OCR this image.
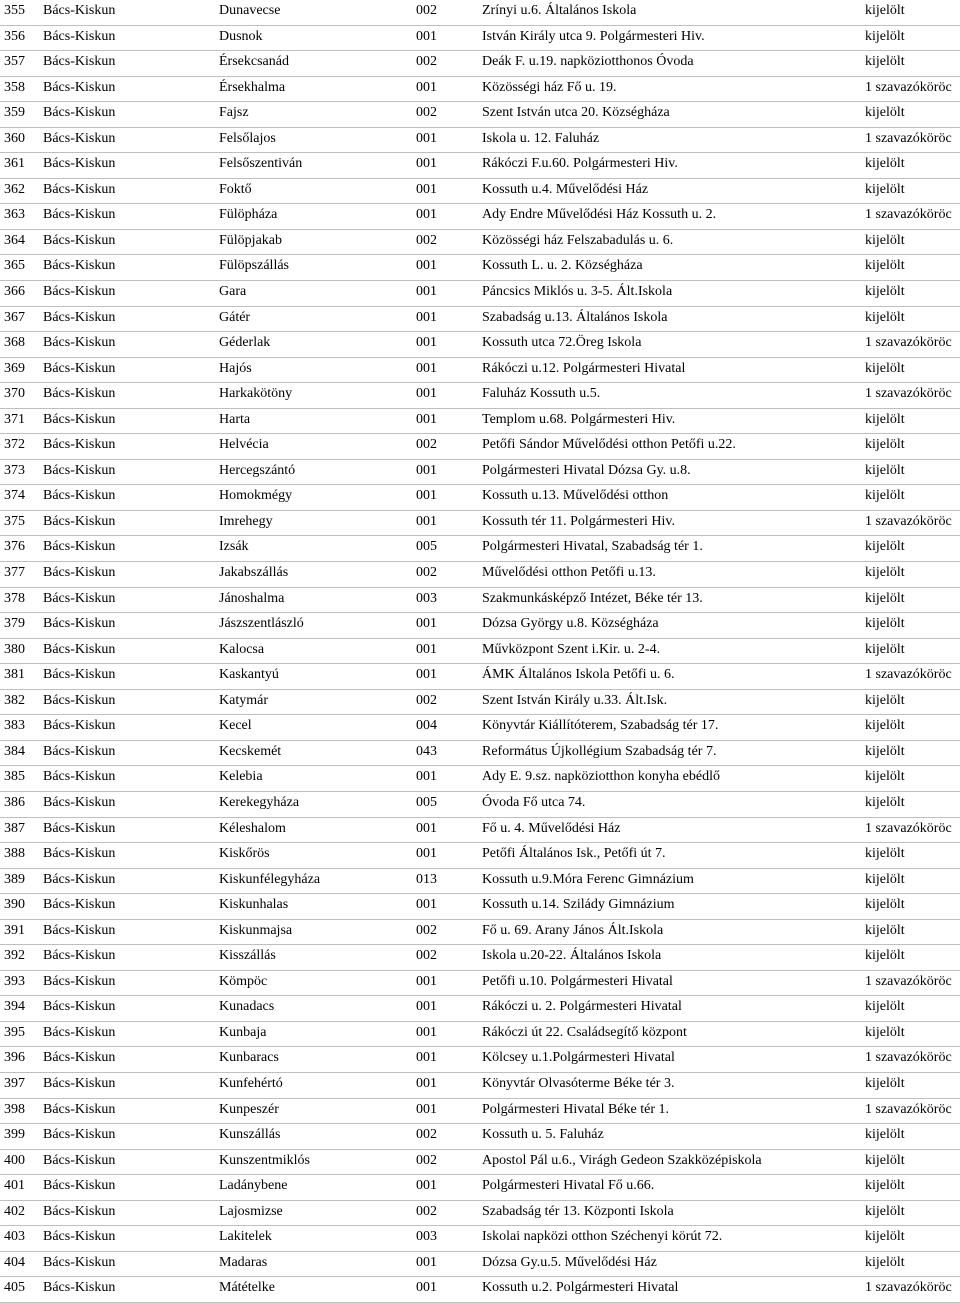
355 Bács-Kiskun	Dunavecse	002	Zrínyi u.6. Általános Iskola	kijelölt
356 Bács-Kiskun	Dusnok	001	István Király utca 9. Polgármesteri Hiv.	kijelölt
357 Bács-Kiskun	Érsekcsanád	002	Deák F. u.19. napköziotthonos Óvoda	kijelölt
358 Bács-Kiskun	Érsekhalma	001	Közösségi ház Fő u. 19.	1 szavazóköröс
359 Bács-Kiskun	Fajsz	002	Szent István utca 20. Községháza	kijelölt
360 Bács-Kiskun	Felsőlajos	001	Iskola u. 12. Faluház	1 szavazóköröс
361 Bács-Kiskun	Felsőszentiván	001	Rákóczi F.u.60. Polgármesteri Hiv.	kijelölt
362 Bács-Kiskun	Foktő	001	Kossuth u.4. Művelődési Ház	kijelölt
363 Bács-Kiskun	Fülöpháza	001	Ady Endre Művelődési Ház Kossuth u. 2.	1 szavazóköröс
364 Bács-Kiskun	Fülöpjakab	002	Közösségi ház Felszabadulás u. 6.	kijelölt
365 Bács-Kiskun	Fülöpszállás	001	Kossuth L. u. 2. Községháza	kijelölt
366 Bács-Kiskun	Gara	001	Páncsics Miklós u. 3-5. Ált.Iskola	kijelölt
367 Bács-Kiskun	Gátér	001	Szabadság u.13. Általános Iskola	kijelölt
368 Bács-Kiskun	Géderlak	001	Kossuth utca 72.Öreg Iskola	1 szavazóköröс
369 Bács-Kiskun	Hajós	001	Rákóczi u.12. Polgármesteri Hivatal	kijelölt
370 Bács-Kiskun	Harkakötöny	001	Faluház Kossuth u.5.	1 szavazóköröс
371 Bács-Kiskun	Harta	001	Templom u.68. Polgármesteri Hiv.	kijelölt
372 Bács-Kiskun	Helvécia	002	Petőfi Sándor Művelődési otthon Petőfi u.22.	kijelölt
373 Bács-Kiskun	Hercegszántó	001	Polgármesteri Hivatal Dózsa Gy. u.8.	kijelölt
374 Bács-Kiskun	Homokmégy	001	Kossuth u.13. Művelődési otthon	kijelölt
375 Bács-Kiskun	Imrehegy	001	Kossuth tér 11. Polgármesteri Hiv.	1 szavazóköröс
376 Bács-Kiskun	Izsák	005	Polgármesteri Hivatal, Szabadság tér 1.	kijelölt
377 Bács-Kiskun	Jakabszállás	002	Művelődési otthon Petőfi u.13.	kijelölt
378 Bács-Kiskun	Jánoshalma	003	Szakmunkásképző Intézet, Béke tér 13.	kijelölt
379 Bács-Kiskun	Jászszentlászló	001	Dózsa György u.8. Községháza	kijelölt
380 Bács-Kiskun	Kalocsa	001	Művközpont Szent i.Kir. u. 2-4.	kijelölt
381 Bács-Kiskun	Kaskantyú	001	ÁMK Általános Iskola Petőfi u. 6.	1 szavazóköröс
382 Bács-Kiskun	Katymár	002	Szent István Király u.33. Ált.Isk.	kijelölt
383 Bács-Kiskun	Kecel	004	Könyvtár Kiállítóterem, Szabadság tér 17.	kijelölt
384 Bács-Kiskun	Kecskemét	043	Református Újkollégium Szabadság tér 7.	kijelölt
385 Bács-Kiskun	Kelebia	001	Ady E. 9.sz. napköziotthon konyha ebédlő	kijelölt
386 Bács-Kiskun	Kerekegyháza	005	Óvoda Fő utca 74.	kijelölt
387 Bács-Kiskun	Kéleshalom	001	Fő u. 4. Művelődési Ház	1 szavazóköröс
388 Bács-Kiskun	Kiskőrös	001	Petőfi Általános Isk., Petőfi út 7.	kijelölt
389 Bács-Kiskun	Kiskunfélegyháza	013	Kossuth u.9.Móra Ferenc Gimnázium	kijelölt
390 Bács-Kiskun	Kiskunhalas	001	Kossuth u.14. Szilády Gimnázium	kijelölt
391 Bács-Kiskun	Kiskunmajsa	002	Fő u. 69. Arany János Ált.Iskola	kijelölt
392 Bács-Kiskun	Kisszállás	002	Iskola u.20-22. Általános Iskola	kijelölt
393 Bács-Kiskun	Kömpöc	001	Petőfi u.10. Polgármesteri Hivatal	1 szavazóköröс
394 Bács-Kiskun	Kunadacs	001	Rákóczi u. 2. Polgármesteri Hivatal	kijelölt
395 Bács-Kiskun	Kunbaja	001	Rákóczi út 22. Családsegítő központ	kijelölt
396 Bács-Kiskun	Kunbaracs	001	Kölcsey u.1.Polgármesteri Hivatal	1 szavazóköröс
397 Bács-Kiskun	Kunfehértó	001	Könyvtár Olvasóterme Béke tér 3.	kijelölt
398 Bács-Kiskun	Kunpeszér	001	Polgármesteri Hivatal Béke tér 1.	1 szavazóköröс
399 Bács-Kiskun	Kunszállás	002	Kossuth u. 5. Faluház	kijelölt
400 Bács-Kiskun	Kunszentmiklós	002	Apostol Pál u.6., Virágh Gedeon Szakközépiskola	kijelölt
401 Bács-Kiskun	Ladánybene	001	Polgármesteri Hivatal Fő u.66.	kijelölt
402 Bács-Kiskun	Lajosmizse	002	Szabadság tér 13. Központi Iskola	kijelölt
403 Bács-Kiskun	Lakitelek	003	Iskolai napközi otthon Széchenyi körút 72.	kijelölt
404 Bács-Kiskun	Madaras	001	Dózsa Gy.u.5. Művelődési Ház	kijelölt
405 Bács-Kiskun	Mátételke	001	Kossuth u.2. Polgármesteri Hivatal	1 szavazóköröс
